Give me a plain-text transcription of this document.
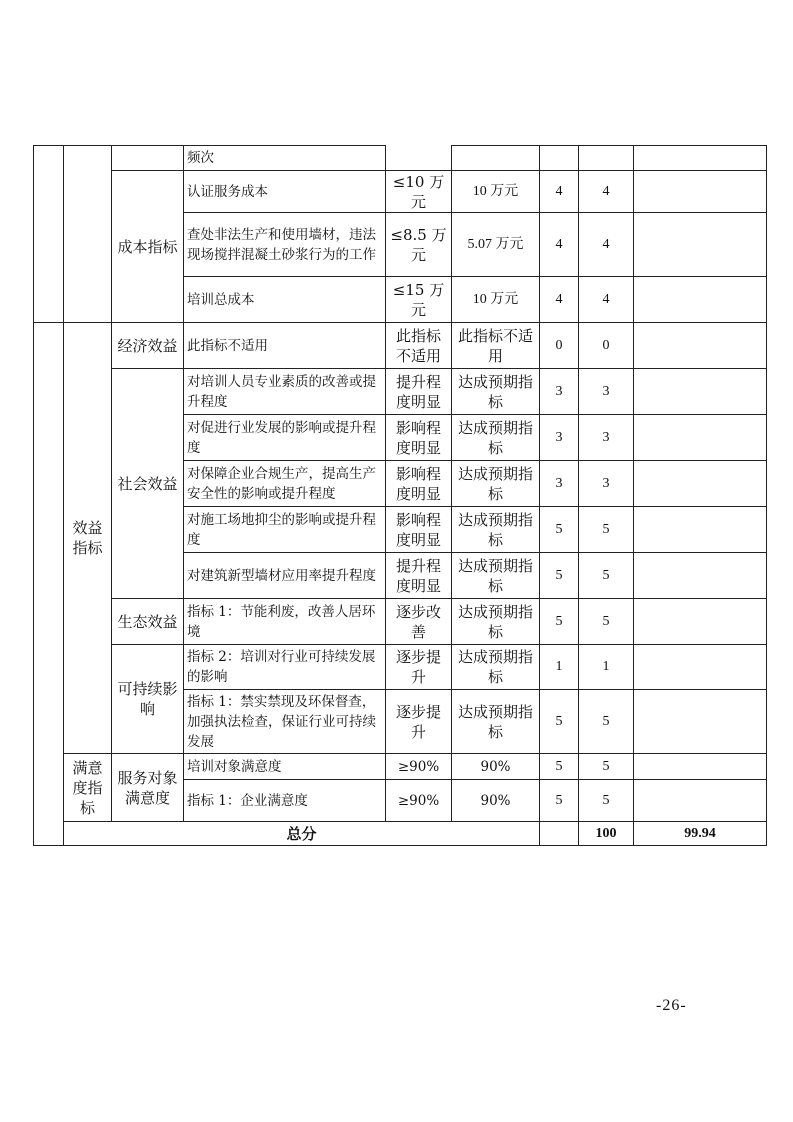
			频次						
		成本指标	认证服务成本	≤10 万元	10 万元	4	4		
			查处非法生产和使用墙材，违法现场搅拌混凝土砂浆行为的工作	≤8.5 万元	5.07 万元	4	4		
			培训总成本	≤15 万元	10 万元	4	4		
	效益指标	经济效益	此指标不适用	此指标不适用	此指标不适用	0	0		
		社会效益	对培训人员专业素质的改善或提升程度	提升程度明显	达成预期指标	3	3		
			对促进行业发展的影响或提升程度	影响程度明显	达成预期指标	3	3		
			对保障企业合规生产，提高生产安全性的影响或提升程度	影响程度明显	达成预期指标	3	3		
			对施工场地抑尘的影响或提升程度	影响程度明显	达成预期指标	5	5		
			对建筑新型墙材应用率提升程度	提升程度明显	达成预期指标	5	5		
		生态效益	指标 1：节能利废，改善人居环境	逐步改善	达成预期指标	5	5		
		可持续影响	指标 2：培训对行业可持续发展的影响	逐步提升	达成预期指标	1	1		
			指标 1：禁实禁现及环保督查，加强执法检查，保证行业可持续发展	逐步提升	达成预期指标	5	5		
	满意度指标	服务对象满意度	培训对象满意度	≥90%	90%	5	5		
			指标 1：企业满意度	≥90%	90%	5	5		
	总分						100	99.94	
-26-
